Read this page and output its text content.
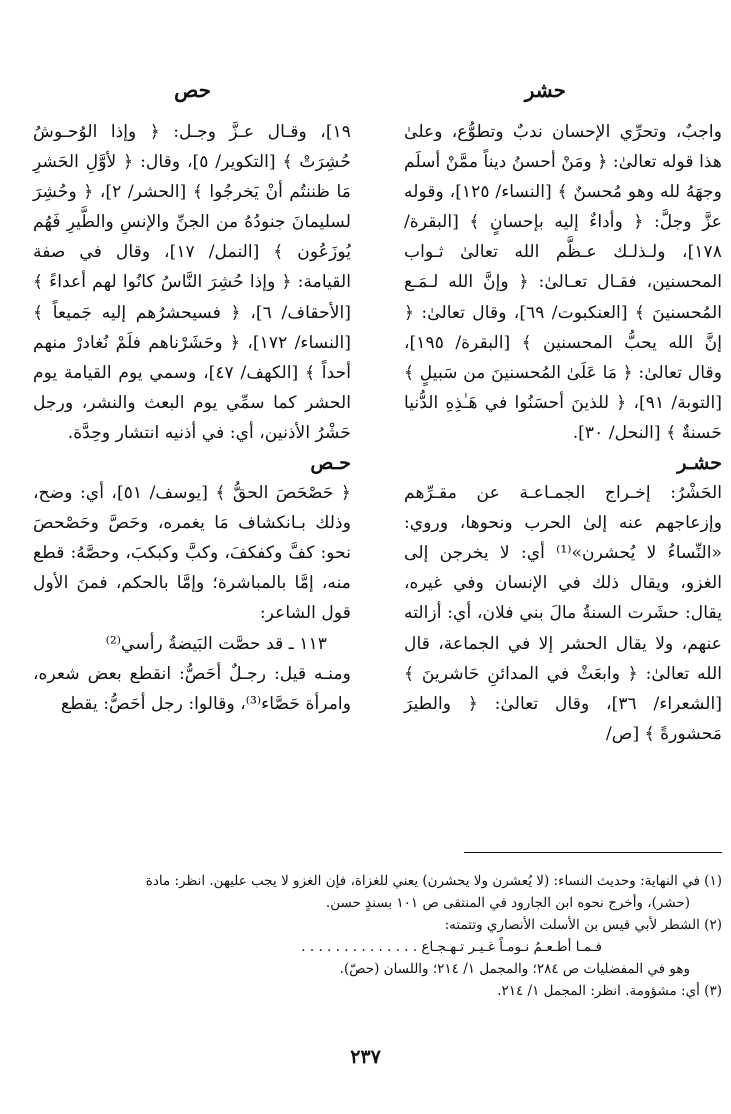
حشر
حص

واجبٌ، وتحرِّي الإحسان ندبٌ وتطوُّع، وعلىٰ هذا قوله تعالىٰ: ﴿ ومَنْ أحسنُ ديناً ممَّنْ أسلَم وجهَهُ لله وهو مُحسنٌ ﴾ [النساء/ ١٢٥]، وقوله عزَّ وجلَّ: ﴿ وأداءٌ إليه بإحسانٍ ﴾ [البقرة/ ١٧٨]، ولـذلـك عـظَّم الله تعالىٰ ثـواب المحسنين، فقـال تعـالىٰ: ﴿ وإنَّ الله لـمَـع المُحسنينَ ﴾ [العنكبوت/ ٦٩]، وقال تعالىٰ: ﴿ إنَّ الله يحبُّ المحسنين ﴾ [البقرة/ ١٩٥]، وقال تعالىٰ: ﴿ مَا عَلَىٰ المُحسنينَ من سَبيلٍ ﴾ [التوبة/ ٩١]، ﴿ للذينَ أحسَنُوا في هَـٰذِهِ الدُّنيا حَسنةٌ ﴾ [النحل/ ٣٠].

حشـر

الحَشْرُ: إخـراج الجمـاعـة عن مقـرِّهم وإزعاجهم عنه إلىٰ الحرب ونحوها، وروي: «النِّساءُ لا يُحشرن»⁽¹⁾ أي: لا يخرجن إلى الغزو، ويقال ذلك في الإنسان وفي غيره، يقال: حشَرت السنةُ مالَ بني فلان، أي: أزالته عنهم، ولا يقال الحشر إلا في الجماعة، قال الله تعالىٰ: ﴿ وابعَثْ في المدائنِ حَاشرينَ ﴾ [الشعراء/ ٣٦]، وقال تعالىٰ: ﴿ والطيرَ مَحشورةً ﴾ [ص/

١٩]، وقـال عـزَّ وجـل: ﴿ وإذا الوُحـوشُ حُشِرَتْ ﴾ [التكوير/ ٥]، وقال: ﴿ لأوَّلِ الحَشرِ مَا ظننتُم أنْ يَخرجُوا ﴾ [الحشر/ ٢]، ﴿ وحُشِرَ لسليمانَ جنودُهُ من الجنِّ والإنسِ والطَّيرِ فَهُم يُوزَعُون ﴾ [النمل/ ١٧]، وقال في صفة القيامة: ﴿ وإذا حُشِرَ النَّاسُ كانُوا لهم أعداءً ﴾ [الأحقاف/ ٦]، ﴿ فسيحشرُهم إليه جَميعاً ﴾ [النساء/ ١٧٢]، ﴿ وحَشَرْناهم فلَمْ نُغادرْ منهم أحداً ﴾ [الكهف/ ٤٧]، وسمي يوم القيامة يوم الحشر كما سمِّي يوم البعث والنشر، ورجل حَشْرُ الأذنين، أي: في أذنيه انتشار وحِدَّة.

حـص

﴿ حَصْحَصَ الحقُّ ﴾ [يوسف/ ٥١]، أي: وضح، وذلك بـانكشاف مَا يغمره، وحَصَّ وحَصْحصَ نحو: كفَّ وكفكفَ، وكبَّ وكبكبَ، وحصَّهُ: قطع منه، إمَّا بالمباشرة؛ وإمَّا بالحكم، فمنَ الأول قول الشاعر:

١١٣ ـ قد حصَّت البَيضةُ رأسي⁽²⁾

ومنـه قيل: رجـلٌ أحَصُّ: انقطع بعض شعره، وامرأة حَصَّاء⁽³⁾، وقالوا: رجل أحَصُّ: يقطع

(١) في النهاية: وحديث النساء: (لا يُعشرن ولا يحشرن) يعني للغزاة، فإن الغزو لا يجب عليهن. انظر: مادة

(حشر)، وأخرج نحوه ابن الجارود في المنتقى ص ١٠١ بسندٍ حسن.

(٢) الشطر لأبي قيس بن الأسلت الأنصاري وتتمته:

فـمـا أطـعـمُ نـومـاً غـيـر تـهـجـاع . . . . . . . . . . . . . .

وهو في المفضليات ص ٢٨٤؛ والمجمل ١/ ٢١٤؛ واللسان (حصّ).

(٣) أي: مشؤومة. انظر: المجمل ١/ ٢١٤.

٢٣٧
